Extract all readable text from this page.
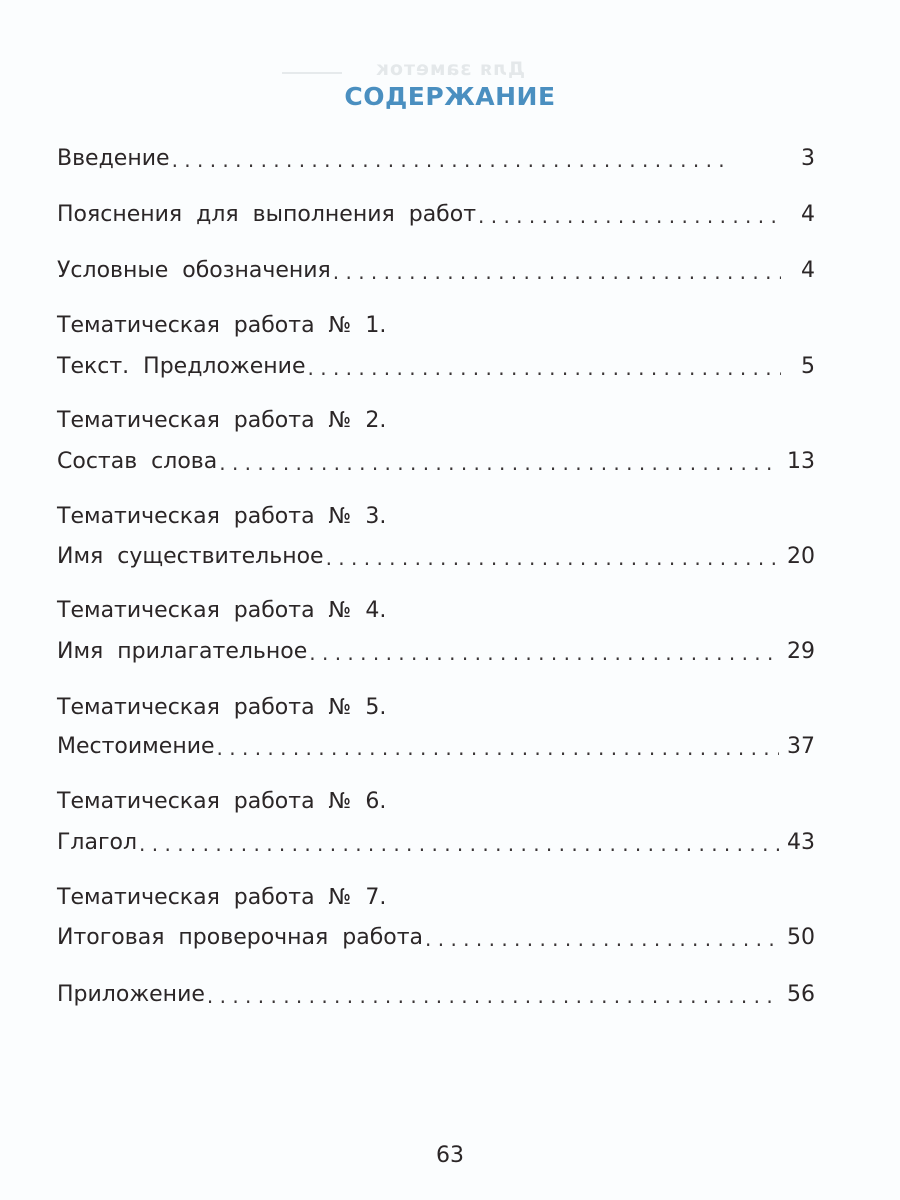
Для заметок
СОДЕРЖАНИЕ
Введение . . .	3
Пояснения для выполнения работ . . .	4
Условные обозначения . . .	4
Тематическая работа № 1.
Текст. Предложение . . .	5
Тематическая работа № 2.
Состав слова . . .	13
Тематическая работа № 3.
Имя существительное . . .	20
Тематическая работа № 4.
Имя прилагательное . . .	29
Тематическая работа № 5.
Местоимение . . .	37
Тематическая работа № 6.
Глагол . . .	43
Тематическая работа № 7.
Итоговая проверочная работа . . .	50
Приложение . . .	56
63
